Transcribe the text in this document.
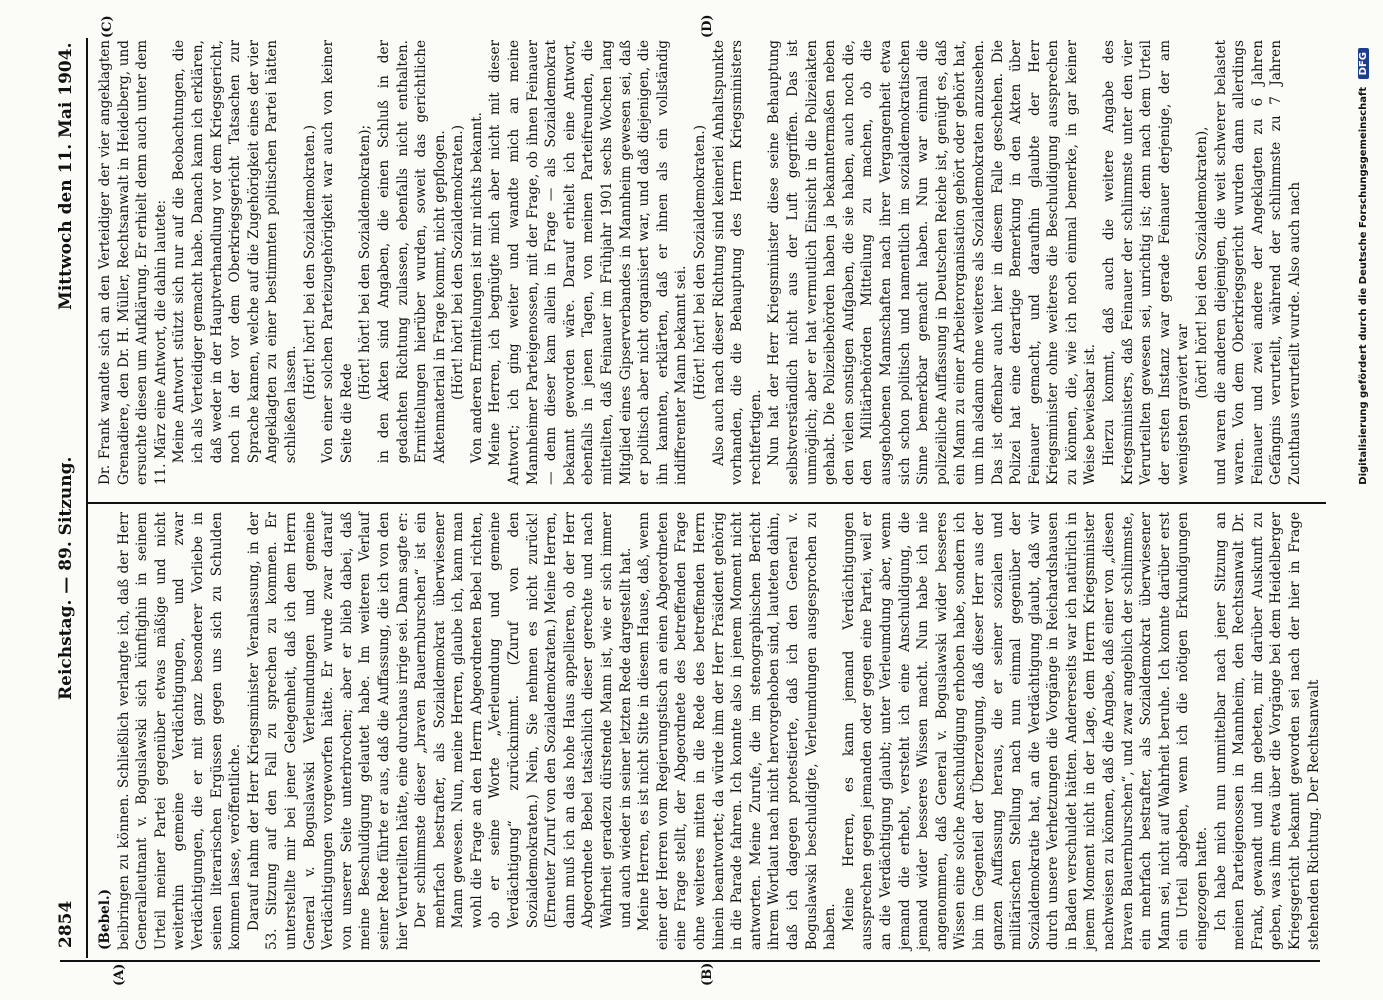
2854
Reichstag. — 89. Sitzung.
Mittwoch den 11. Mai 1904.
(A)	(B)
(C)	(D)

(Bebel.) beibringen zu können. Schließlich verlangte ich, daß der Herr Generalleutnant v. Boguslawski sich künftighin in seinem Urteil meiner Partei gegenüber etwas mäßige und nicht weiterhin gemeine Verdächtigungen, und zwar Verdächtigungen, die er mit ganz besonderer Vorliebe in seinen literarischen Ergüssen gegen uns sich zu Schulden kommen lasse, veröffentliche. Darauf nahm der Herr Kriegsminister Veranlassung, in der 53. Sitzung auf den Fall zu sprechen zu kommen. Er unterstellte mir bei jener Gelegenheit, daß ich dem Herrn General v. Boguslawski Verleumdungen und gemeine Verdächtigungen vorgeworfen hätte. Er wurde zwar darauf von unserer Seite unterbrochen; aber er blieb dabei, daß meine Beschuldigung gelautet habe. Im weiteren Verlauf seiner Rede führte er aus, daß die Auffassung, die ich von den hier Verurteilten hätte, eine durchaus irrige sei. Dann sagte er: Der schlimmste dieser „braven Bauernburschen“ ist ein mehrfach bestrafter, als Sozialdemokrat überwiesener Mann gewesen. Nun, meine Herren, glaube ich, kann man wohl die Frage an den Herrn Abgeordneten Bebel richten, ob er seine Worte „Verleumdung und gemeine Verdächtigung“ zurücknimmt. (Zuruf von den Sozialdemokraten.) Nein, Sie nehmen es nicht zurück! (Erneuter Zuruf von den Sozialdemokraten.) Meine Herren, dann muß ich an das hohe Haus appellieren, ob der Herr Abgeordnete Bebel tatsächlich dieser gerechte und nach Wahrheit geradezu dürstende Mann ist, wie er sich immer und auch wieder in seiner letzten Rede dargestellt hat. Meine Herren, es ist nicht Sitte in diesem Hause, daß, wenn einer der Herren vom Regierungstisch an einen Abgeordneten eine Frage stellt, der Abgeordnete des betreffenden Frage ohne weiteres mitten in die Rede des betreffenden Herrn hinein beantwortet; da würde ihm der Herr Präsident gehörig in die Parade fahren. Ich konnte also in jenem Moment nicht antworten. Meine Zurufe, die im stenographischen Bericht ihrem Wortlaut nach nicht hervorgehoben sind, lauteten dahin, daß ich dagegen protestierte, daß ich den General v. Boguslawski beschuldigte, Verleumdungen ausgesprochen zu haben. Meine Herren, es kann jemand Verdächtigungen aussprechen gegen jemanden oder gegen eine Partei, weil er an die Verdächtigung glaubt; unter Verleumdung aber, wenn jemand die erhebt, versteht ich eine Anschuldigung, die jemand wider besseres Wissen macht. Nun habe ich nie angenommen, daß General v. Boguslawski wider besseres Wissen eine solche Anschuldigung erhoben habe, sondern ich bin im Gegenteil der Überzeugung, daß dieser Herr aus der ganzen Auffassung heraus, die er seiner sozialen und militärischen Stellung nach nun einmal gegenüber der Sozialdemokratie hat, an die Verdächtigung glaubt, daß wir durch unsere Verhetzungen die Vorgänge in Reichardshausen in Baden verschuldet hätten. Andererseits war ich natürlich in jenem Moment nicht in der Lage, dem Herrn Kriegsminister nachweisen zu können, daß die Angabe, daß einer von „diesen braven Bauernburschen“, und zwar angeblich der schlimmste, ein mehrfach bestrafter, als Sozialdemokrat überwiesener Mann sei, nicht auf Wahrheit beruhe. Ich konnte darüber erst ein Urteil abgeben, wenn ich die nötigen Erkundigungen eingezogen hatte. Ich habe mich nun unmittelbar nach jener Sitzung an meinen Parteigenossen in Mannheim, den Rechtsanwalt Dr. Frank, gewandt und ihn gebeten, mir darüber Auskunft zu geben, was ihm etwa über die Vorgänge bei dem Heidelberger Kriegsgericht bekannt geworden sei nach der hier in Frage stehenden Richtung. Der Rechtsanwalt

Dr. Frank wandte sich an den Verteidiger der vier angeklagten Grenadiere, den Dr. H. Müller, Rechtsanwalt in Heidelberg, und ersuchte diesen um Aufklärung. Er erhielt denn auch unter dem 11. März eine Antwort, die dahin lautete: Meine Antwort stützt sich nur auf die Beobachtungen, die ich als Verteidiger gemacht habe. Danach kann ich erklären, daß weder in der Hauptverhandlung vor dem Kriegsgericht, noch in der vor dem Oberkriegsgericht Tatsachen zur Sprache kamen, welche auf die Zugehörigkeit eines der vier Angeklagten zu einer bestimmten politischen Partei hätten schließen lassen.

(Hört! hört! bei den Sozialdemokraten.) Von einer solchen Parteizugehörigkeit war auch von keiner Seite die Rede

(Hört! hört! bei den Sozialdemokraten); in den Akten sind Angaben, die einen Schluß in der gedachten Richtung zulassen, ebenfalls nicht enthalten. Ermittelungen hierüber wurden, soweit das gerichtliche Aktenmaterial in Frage kommt, nicht gepflogen. (Hört! hört! bei den Sozialdemokraten.) Von anderen Ermittelungen ist mir nichts bekannt. Meine Herren, ich begnügte mich aber nicht mit dieser Antwort; ich ging weiter und wandte mich an meine Mannheimer Parteigenossen, mit der Frage, ob ihnen Feinauer — denn dieser kam allein in Frage — als Sozialdemokrat bekannt geworden wäre. Darauf erhielt ich eine Antwort, ebenfalls in jenen Tagen, von meinen Parteifreunden, die mitteilten, daß Feinauer im Frühjahr 1901 sechs Wochen lang Mitglied eines Gipserverbandes in Mannheim gewesen sei, daß er politisch aber nicht organisiert war, und daß diejenigen, die ihn kannten, erklärten, daß er ihnen als ein vollständig indifferenter Mann bekannt sei. (Hört! hört! bei den Sozialdemokraten.) Also auch nach dieser Richtung sind keinerlei Anhaltspunkte vorhanden, die die Behauptung des Herrn Kriegsministers rechtfertigen. Nun hat der Herr Kriegsminister diese seine Behauptung selbstverständlich nicht aus der Luft gegriffen. Das ist unmöglich; aber er hat vermutlich Einsicht in die Polizeiakten gehabt. Die Polizeibehörden haben ja bekanntermaßen neben den vielen sonstigen Aufgaben, die sie haben, auch noch die, den Militärbehörden Mitteilung zu machen, ob die ausgehobenen Mannschaften nach ihrer Vergangenheit etwa sich schon politisch und namentlich im sozialdemokratischen Sinne bemerkbar gemacht haben. Nun war einmal die polizeiliche Auffassung in Deutschen Reiche ist, genügt es, daß ein Mann zu einer Arbeiterorganisation gehört oder gehört hat, um ihn alsdann ohne weiteres als Sozialdemokraten anzusehen. Das ist offenbar auch hier in diesem Falle geschehen. Die Polizei hat eine derartige Bemerkung in den Akten über Feinauer gemacht, und daraufhin glaubte der Herr Kriegsminister ohne weiteres die Beschuldigung aussprechen zu können, die, wie ich noch einmal bemerke, in gar keiner Weise bewiesbar ist. Hierzu kommt, daß auch die weitere Angabe des Kriegsministers, daß Feinauer der schlimmste unter den vier Verurteilten gewesen sei, unrichtig ist; denn nach dem Urteil der ersten Instanz war gerade Feinauer derjenige, der am wenigsten graviert war

(hört! hört! bei den Sozialdemokraten), und waren die anderen diejenigen, die weit schwerer belastet waren. Von dem Oberkriegsgericht wurden dann allerdings Feinauer und zwei andere der Angeklagten zu 6 Jahren Gefängnis verurteilt, während der schlimmste zu 7 Jahren Zuchthaus verurteilt wurde. Also auch nach	Digitalisierung gefördert durch die Deutsche Forschungsgemeinschaft DFG
